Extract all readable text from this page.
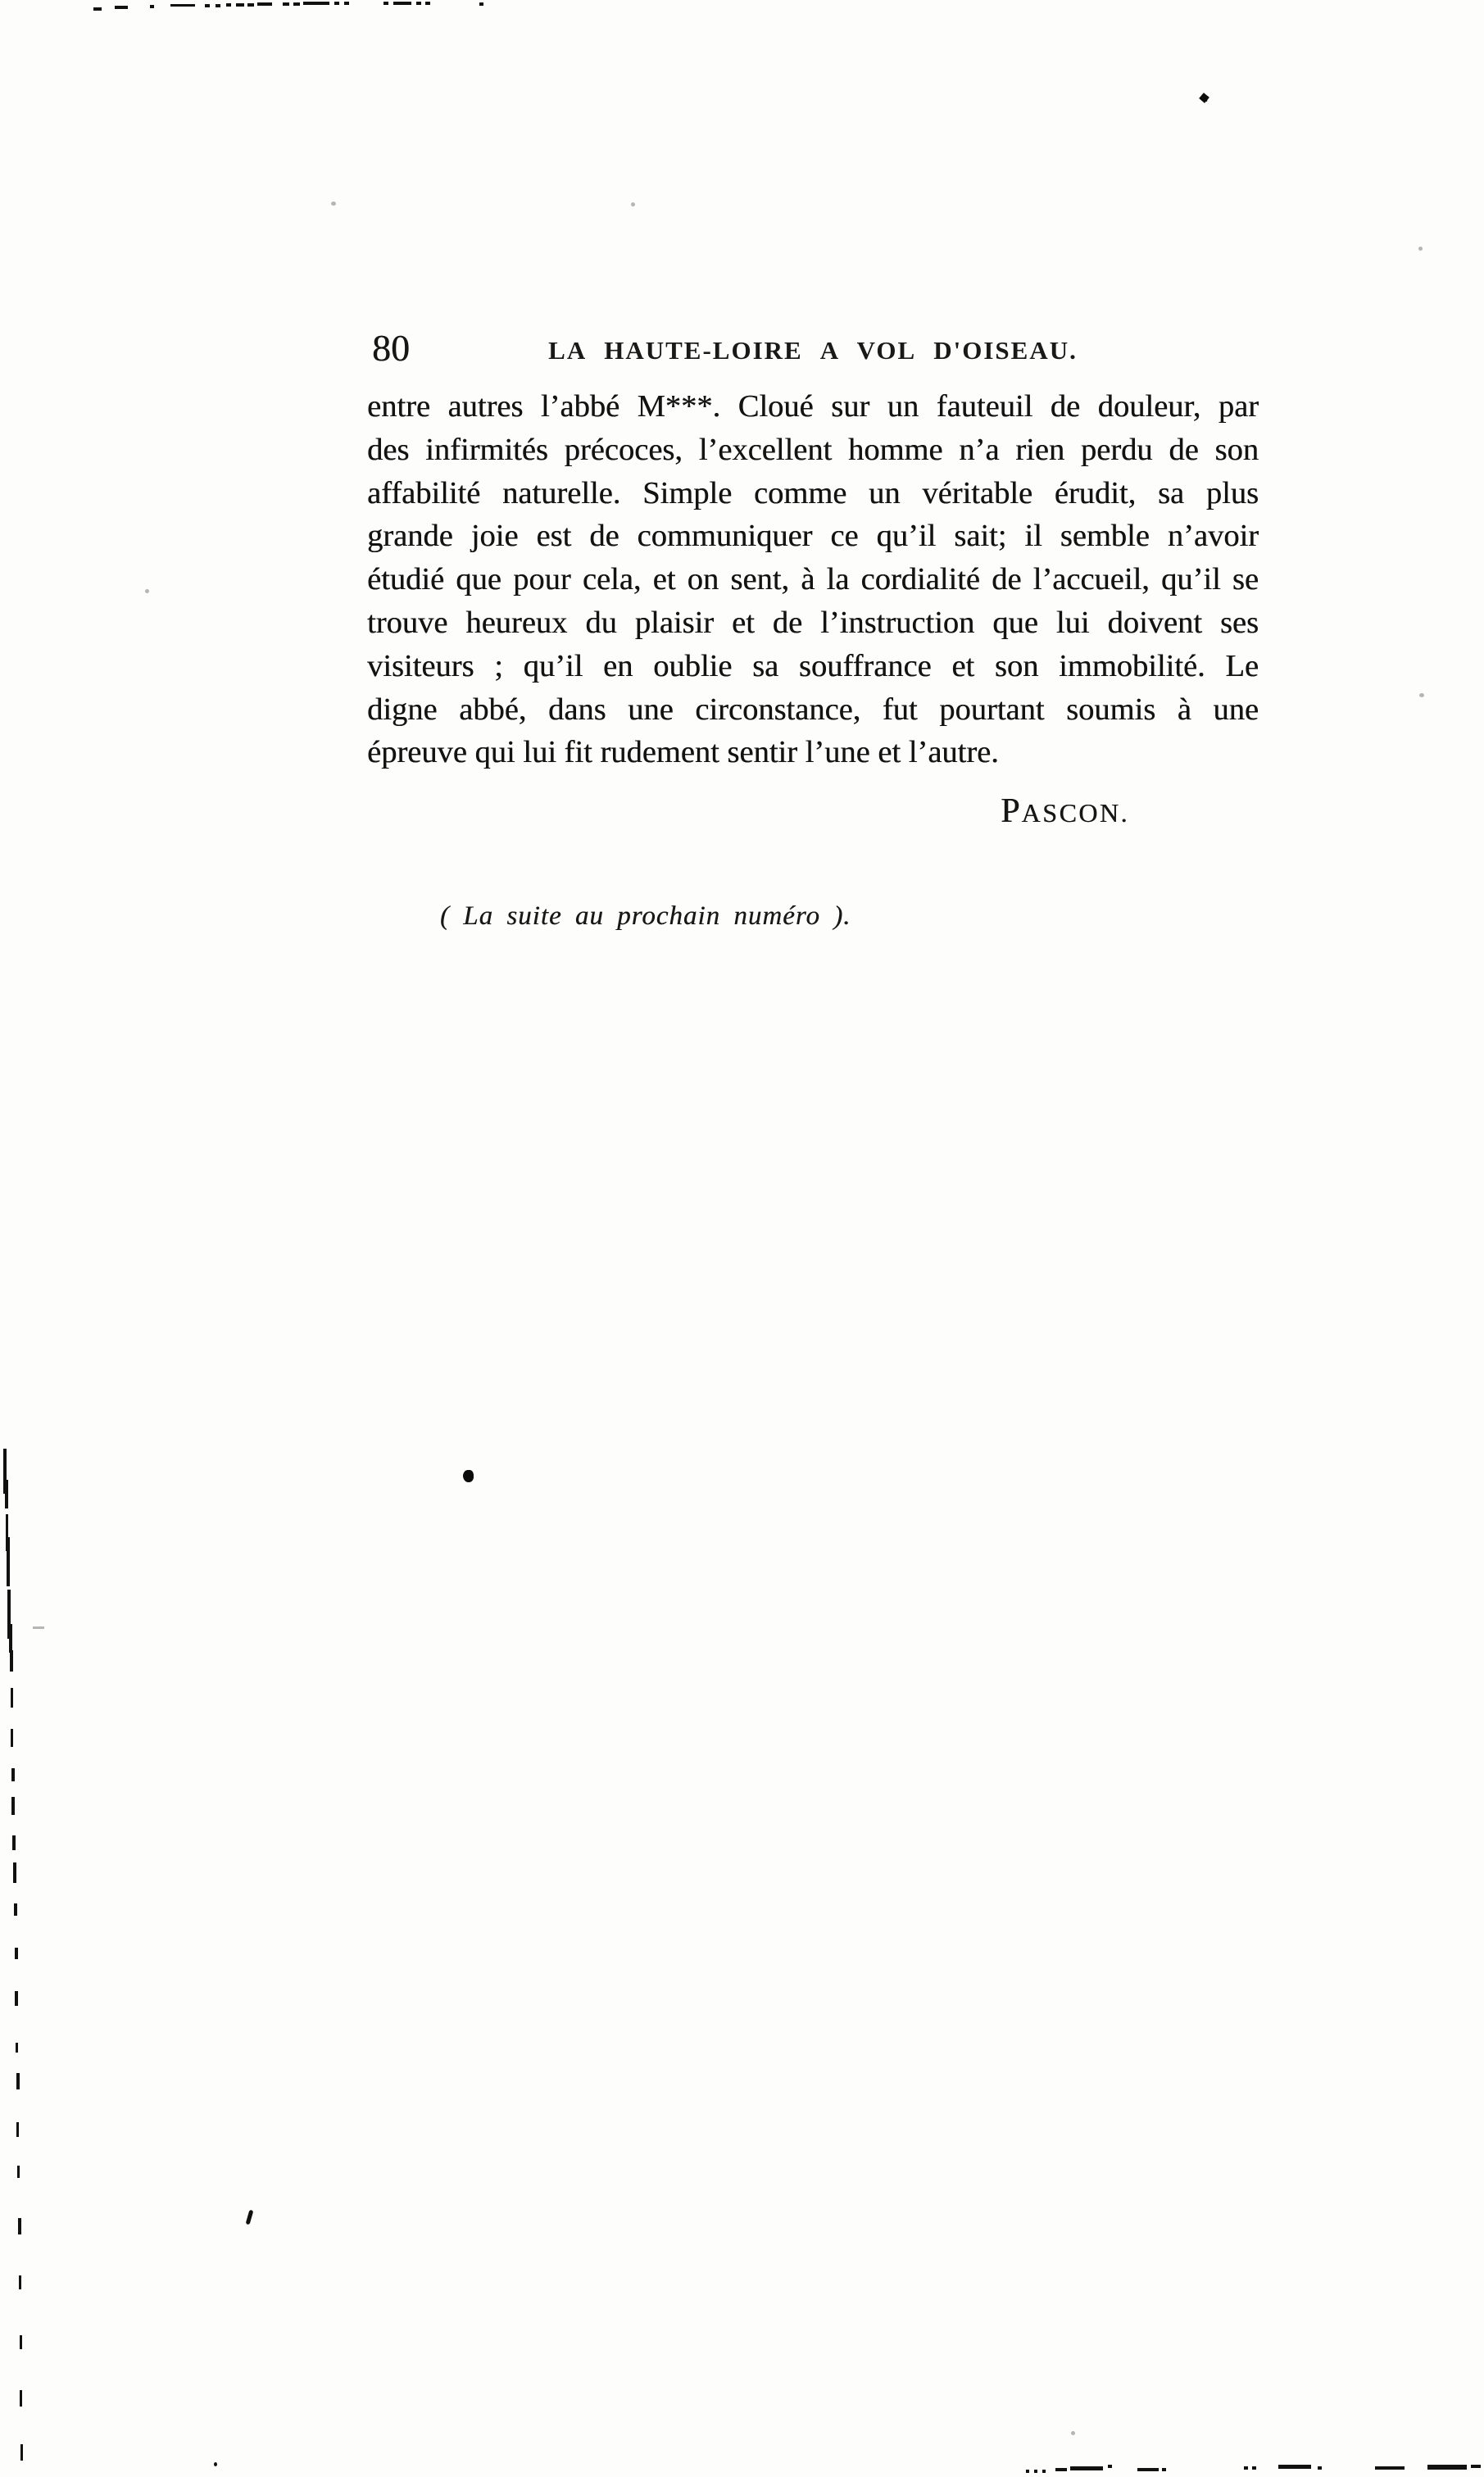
80	LA HAUTE-LOIRE A VOL D'OISEAU.
entre autres l’abbé M***. Cloué sur un fauteuil de douleur, par
des infirmités précoces, l’excellent homme n’a rien perdu de son
affabilité naturelle. Simple comme un véritable érudit, sa plus
grande joie est de communiquer ce qu’il sait; il semble n’avoir
étudié que pour cela, et on sent, à la cordialité de l’accueil, qu’il se
trouve heureux du plaisir et de l’instruction que lui doivent ses
visiteurs ; qu’il en oublie sa souffrance et son immobilité. Le
digne abbé, dans une circonstance, fut pourtant soumis à une
épreuve qui lui fit rudement sentir l’une et l’autre.
PASCON.
( La suite au prochain numéro ).
